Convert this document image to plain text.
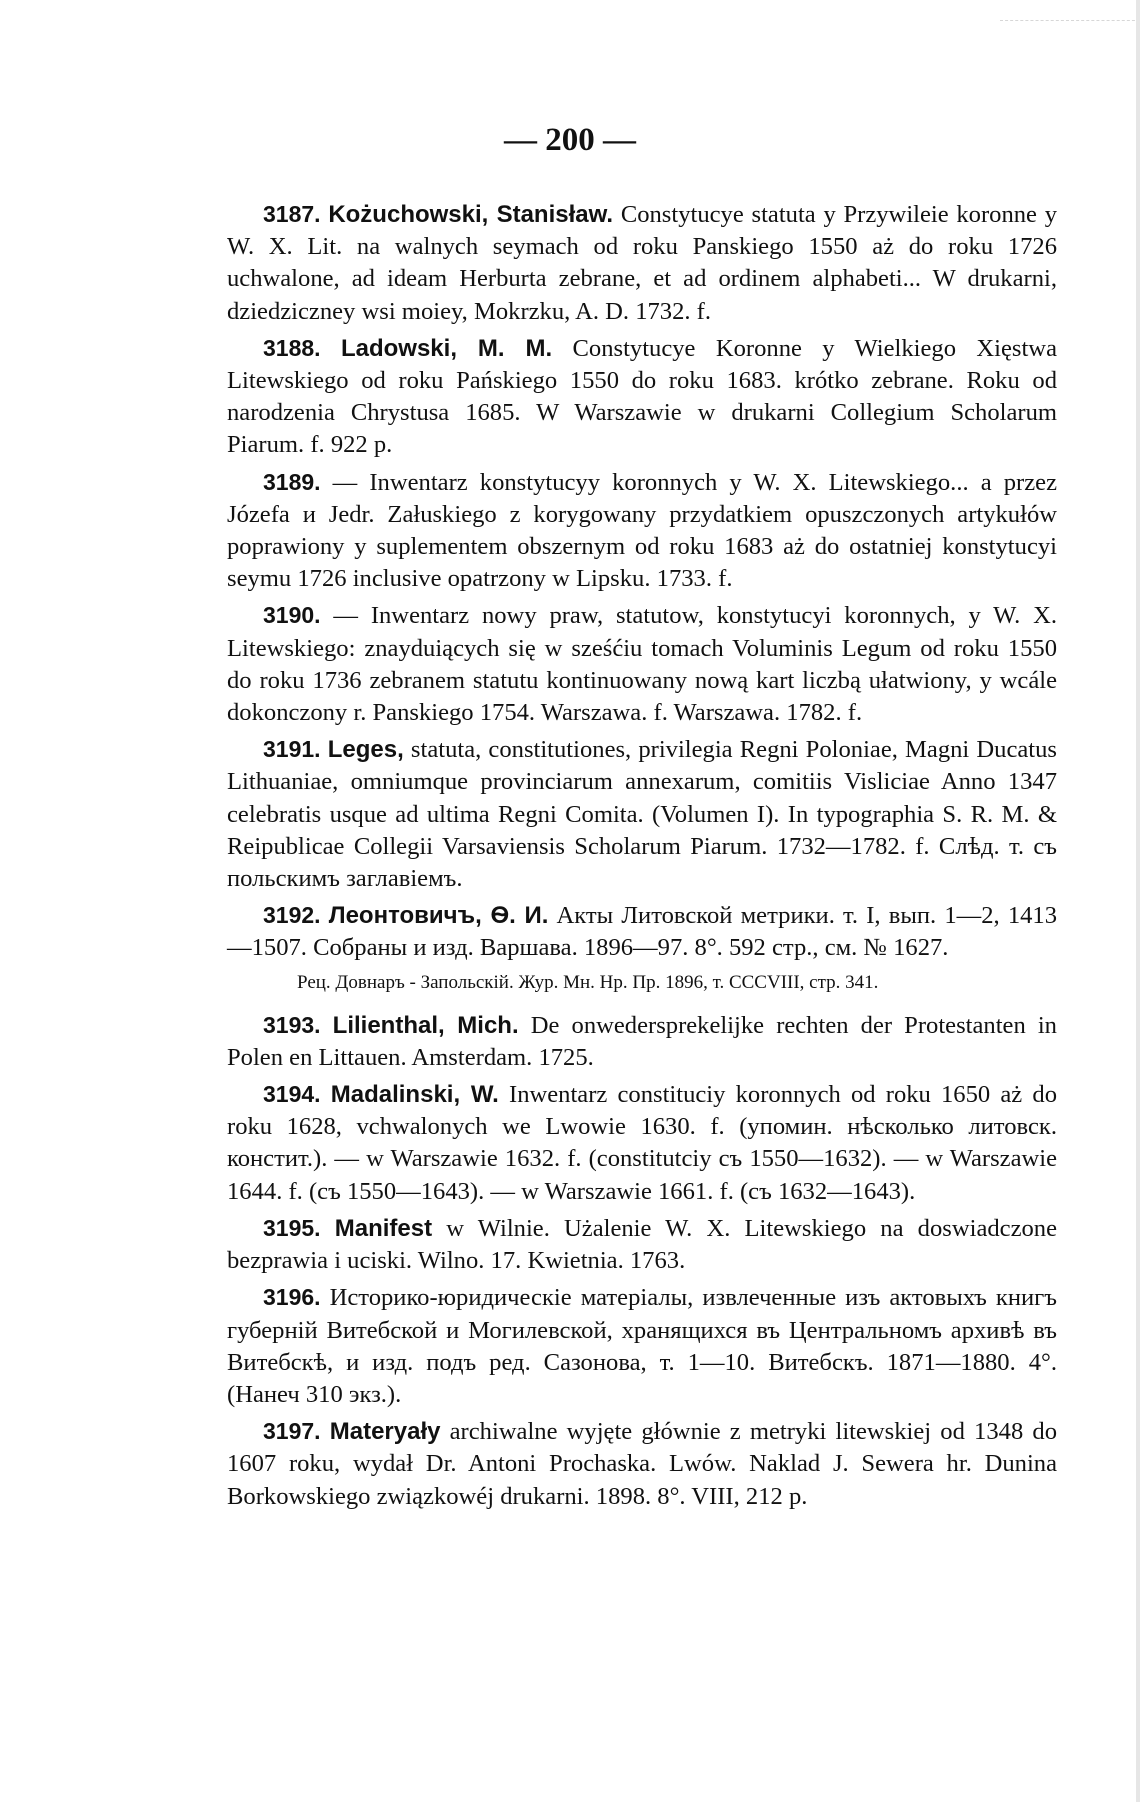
— 200 —

3187. Kożuchowski, Stanisław. Constytucye statuta y Przywileie koronne y W. X. Lit. na walnych seymach od roku Panskiego 1550 aż do roku 1726 uchwalone, ad ideam Herburta zebrane, et ad ordinem alphabeti... W drukarni, dziedziczney wsi moiey, Mokrzku, A. D. 1732. f.

3188. Ladowski, M. M. Constytucye Koronne y Wielkiego Xięstwa Litewskiego od roku Pańskiego 1550 do roku 1683. krótko zebrane. Roku od narodzenia Chrystusa 1685. W Warszawie w drukarni Collegium Scholarum Piarum. f. 922 p.

3189. — Inwentarz konstytucyy koronnych y W. X. Litewskiego... a przez Józefa и Jedr. Załuskiego z korygowany przydatkiem opuszczonych artykułów poprawiony y suplementem obszernym od roku 1683 aż do ostatniej konstytucyi seymu 1726 inclusive opatrzony w Lipsku. 1733. f.

3190. — Inwentarz nowy praw, statutow, konstytucyi koronnych, y W. X. Litewskiego: znayduiących się w sześćiu tomach Voluminis Legum od roku 1550 do roku 1736 zebranem statutu kontinuowany nową kart liczbą ułatwiony, y wcále dokonczony r. Panskiego 1754. Warszawa. f. Warszawa. 1782. f.

3191. Leges, statuta, constitutiones, privilegia Regni Poloniae, Magni Ducatus Lithuaniae, omniumque provinciarum annexarum, comitiis Visliciae Anno 1347 celebratis usque ad ultima Regni Comita. (Volumen I). In typographia S. R. M. & Reipublicae Collegii Varsaviensis Scholarum Piarum. 1732—1782. f. Слѣд. т. съ польскимъ заглавіемъ.

3192. Леонтовичъ, Ѳ. И. Акты Литовской метрики. т. I, вып. 1—2, 1413—1507. Собраны и изд. Варшава. 1896—97. 8°. 592 стр., см. № 1627.

Рец. Довнаръ - Запольскій. Жур. Мн. Нр. Пр. 1896, т. CCCVIII, стр. 341.

3193. Lilienthal, Mich. De onwedersprekelijke rechten der Protestanten in Polen en Littauen. Amsterdam. 1725.

3194. Madalinski, W. Inwentarz constituciy koronnych od roku 1650 aż do roku 1628, vchwalonych we Lwowie 1630. f. (упомин. нѣсколько литовск. констит.). — w Warszawie 1632. f. (constitutciy съ 1550—1632). — w Warszawie 1644. f. (съ 1550—1643). — w Warszawie 1661. f. (съ 1632—1643).

3195. Manifest w Wilnie. Użalenie W. X. Litewskiego na doswiadczone bezprawia i uciski. Wilno. 17. Kwietnia. 1763.

3196. Историко-юридическіе матеріалы, извлеченные изъ актовыхъ книгъ губерній Витебской и Могилевской, хранящихся въ Центральномъ архивѣ въ Витебскѣ, и изд. подъ ред. Сазонова, т. 1—10. Витебскъ. 1871—1880. 4°. (Нанеч 310 экз.).

3197. Materyały archiwalne wyjęte głównie z metryki litewskiej od 1348 do 1607 roku, wydał Dr. Antoni Prochaska. Lwów. Naklad J. Sewera hr. Dunina Borkowskiego związkowéj drukarni. 1898. 8°. VIII, 212 p.
